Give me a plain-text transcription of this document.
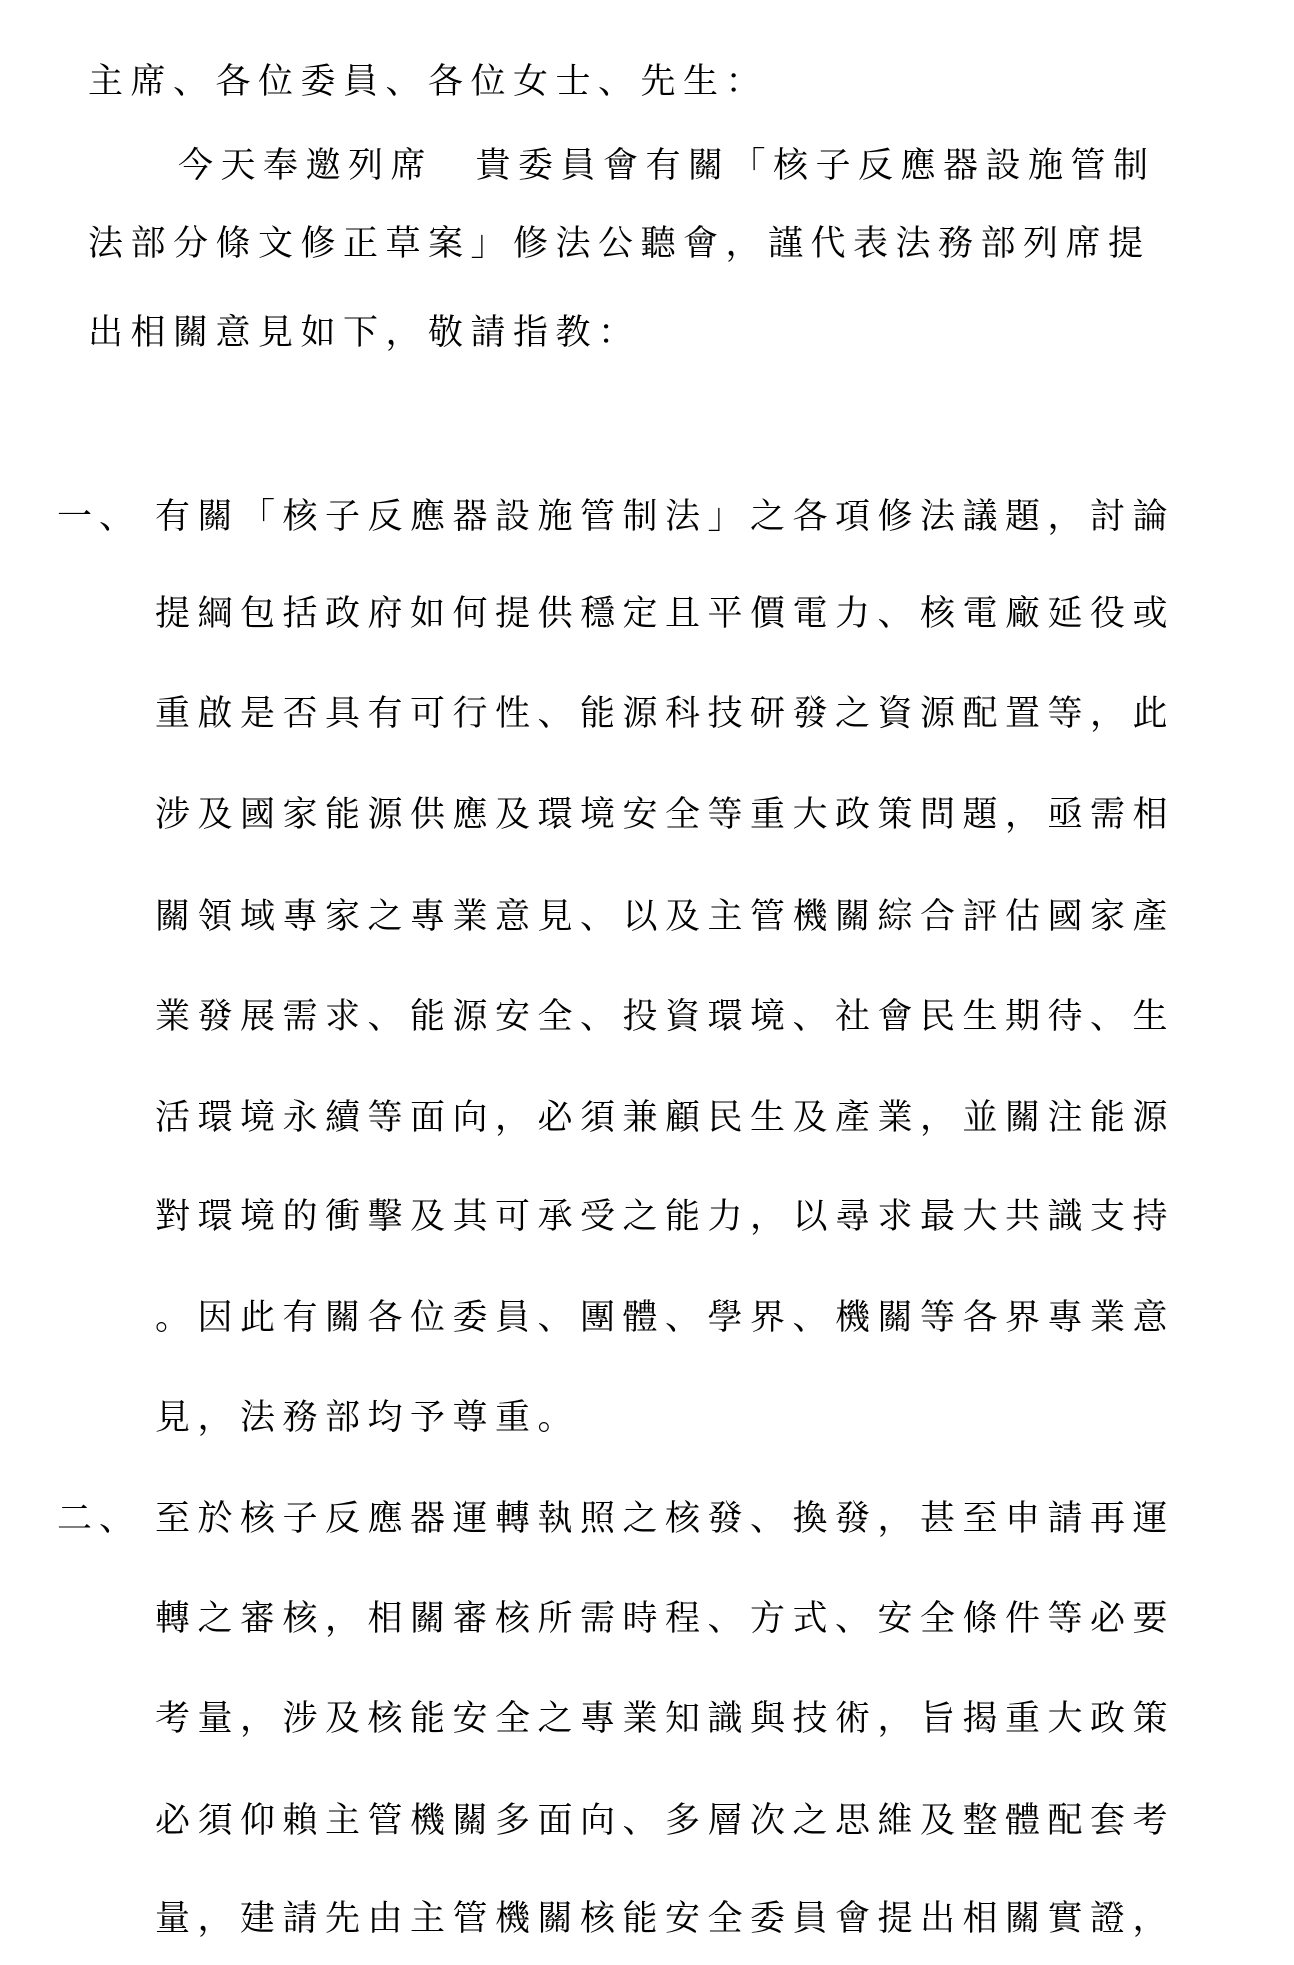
主席、各位委員、各位女士、先生：
今天奉邀列席　貴委員會有關「核子反應器設施管制
法部分條文修正草案」修法公聽會，謹代表法務部列席提
出相關意見如下，敬請指教：
一、 有關「核子反應器設施管制法」之各項修法議題，討論
提綱包括政府如何提供穩定且平價電力、核電廠延役或
重啟是否具有可行性、能源科技研發之資源配置等，此
涉及國家能源供應及環境安全等重大政策問題，亟需相
關領域專家之專業意見、以及主管機關綜合評估國家產
業發展需求、能源安全、投資環境、社會民生期待、生
活環境永續等面向，必須兼顧民生及產業，並關注能源
對環境的衝擊及其可承受之能力，以尋求最大共識支持
。因此有關各位委員、團體、學界、機關等各界專業意
見，法務部均予尊重。
二、 至於核子反應器運轉執照之核發、換發，甚至申請再運
轉之審核，相關審核所需時程、方式、安全條件等必要
考量，涉及核能安全之專業知識與技術，旨揭重大政策
必須仰賴主管機關多面向、多層次之思維及整體配套考
量，建請先由主管機關核能安全委員會提出相關實證，
